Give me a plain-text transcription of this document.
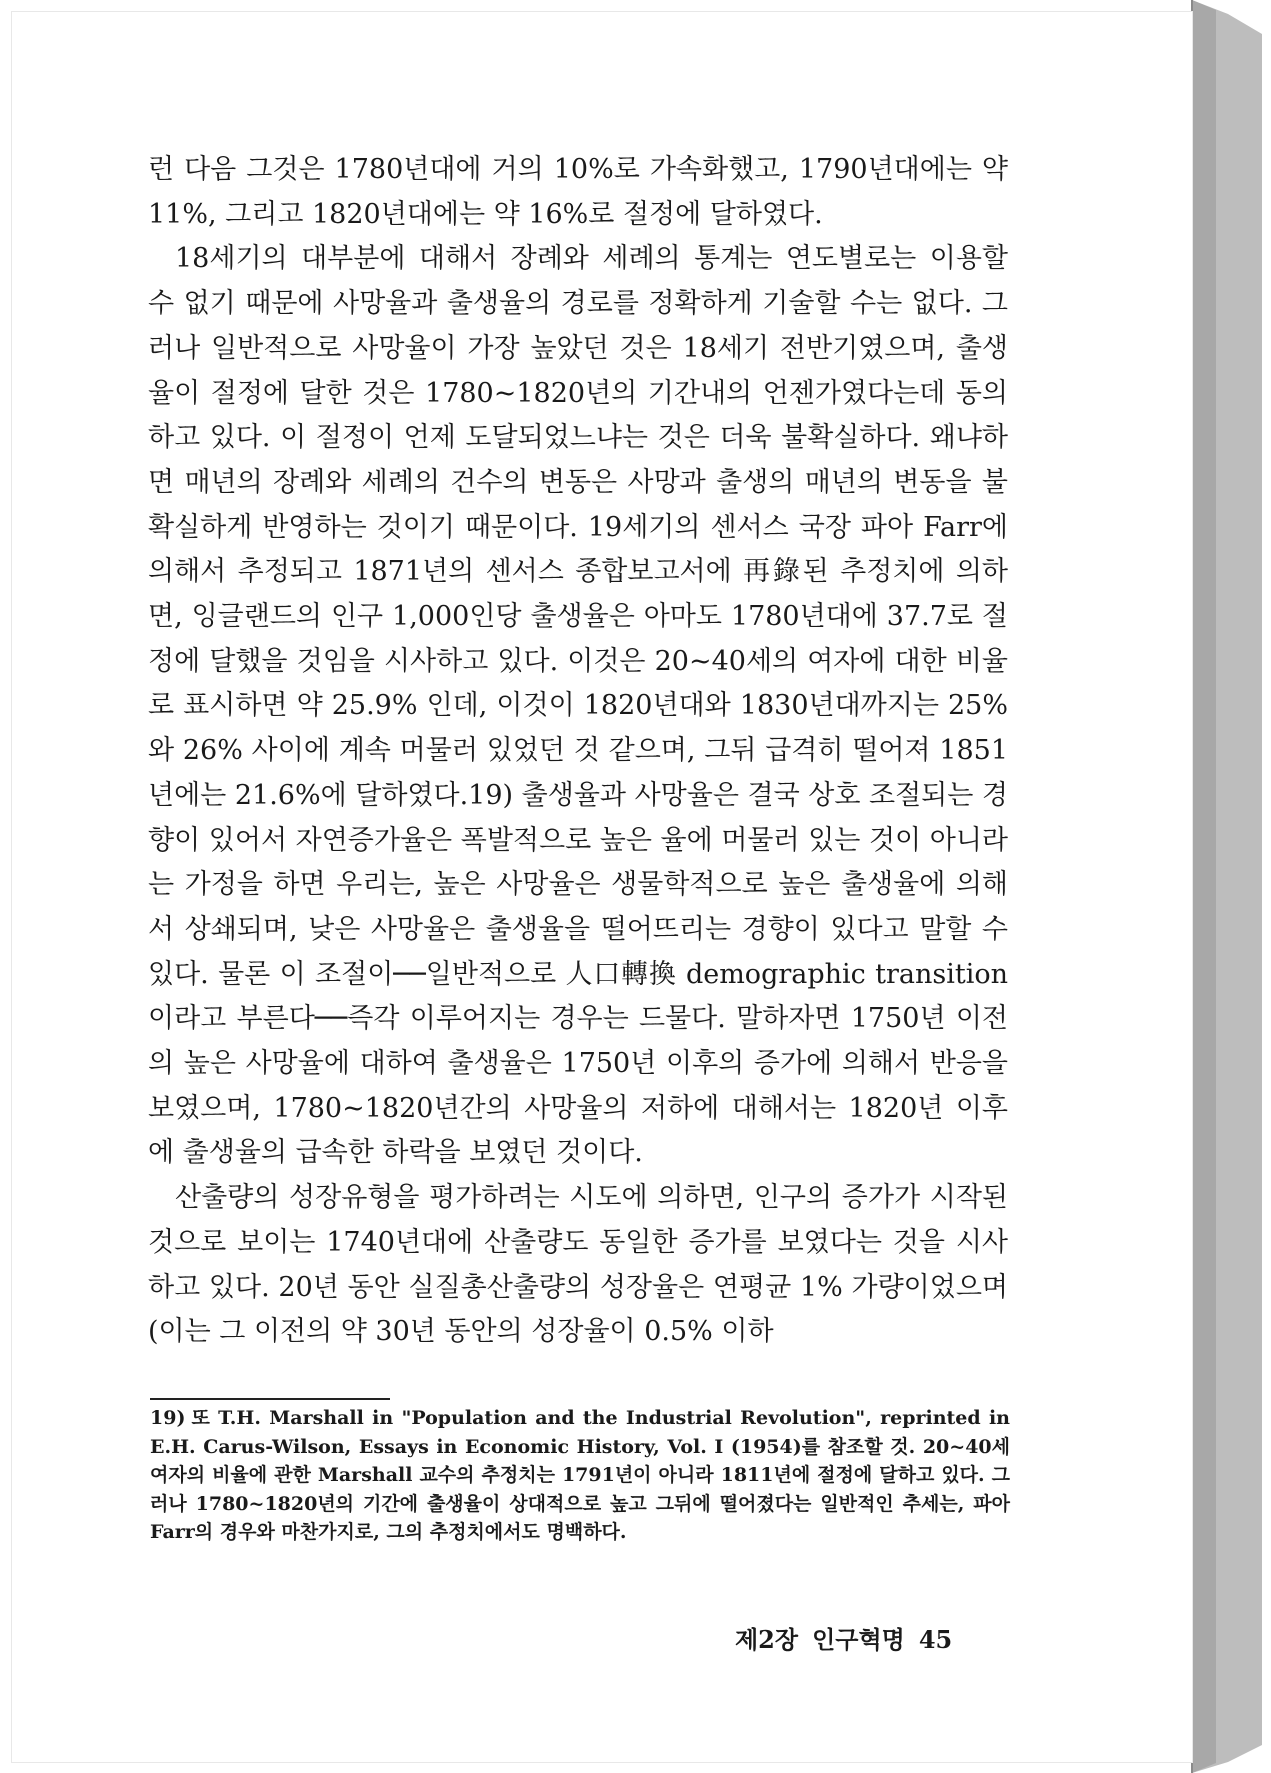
런 다음 그것은 1780년대에 거의 10%로 가속화했고, 1790년대에는 약 11%, 그리고 1820년대에는 약 16%로 절정에 달하였다.

18세기의 대부분에 대해서 장례와 세례의 통계는 연도별로는 이용할 수 없기 때문에 사망율과 출생율의 경로를 정확하게 기술할 수는 없다. 그러나 일반적으로 사망율이 가장 높았던 것은 18세기 전반기였으며, 출생율이 절정에 달한 것은 1780~1820년의 기간내의 언젠가였다는데 동의하고 있다. 이 절정이 언제 도달되었느냐는 것은 더욱 불확실하다. 왜냐하면 매년의 장례와 세례의 건수의 변동은 사망과 출생의 매년의 변동을 불확실하게 반영하는 것이기 때문이다. 19세기의 센서스 국장 파아 Farr에 의해서 추정되고 1871년의 센서스 종합보고서에 再錄된 추정치에 의하면, 잉글랜드의 인구 1,000인당 출생율은 아마도 1780년대에 37.7로 절정에 달했을 것임을 시사하고 있다. 이것은 20~40세의 여자에 대한 비율로 표시하면 약 25.9% 인데, 이것이 1820년대와 1830년대까지는 25%와 26% 사이에 계속 머물러 있었던 것 같으며, 그뒤 급격히 떨어져 1851년에는 21.6%에 달하였다.19) 출생율과 사망율은 결국 상호 조절되는 경향이 있어서 자연증가율은 폭발적으로 높은 율에 머물러 있는 것이 아니라는 가정을 하면 우리는, 높은 사망율은 생물학적으로 높은 출생율에 의해서 상쇄되며, 낮은 사망율은 출생율을 떨어뜨리는 경향이 있다고 말할 수 있다. 물론 이 조절이──일반적으로 人口轉換 demographic transition이라고 부른다──즉각 이루어지는 경우는 드물다. 말하자면 1750년 이전의 높은 사망율에 대하여 출생율은 1750년 이후의 증가에 의해서 반응을 보였으며, 1780~1820년간의 사망율의 저하에 대해서는 1820년 이후에 출생율의 급속한 하락을 보였던 것이다.

산출량의 성장유형을 평가하려는 시도에 의하면, 인구의 증가가 시작된 것으로 보이는 1740년대에 산출량도 동일한 증가를 보였다는 것을 시사하고 있다. 20년 동안 실질총산출량의 성장율은 연평균 1% 가량이었으며 (이는 그 이전의 약 30년 동안의 성장율이 0.5% 이하

19) 또 T.H. Marshall in "Population and the Industrial Revolution", reprinted in E.H. Carus-Wilson, Essays in Economic History, Vol. I (1954)를 참조할 것. 20~40세 여자의 비율에 관한 Marshall 교수의 추정치는 1791년이 아니라 1811년에 절정에 달하고 있다. 그러나 1780~1820년의 기간에 출생율이 상대적으로 높고 그뒤에 떨어졌다는 일반적인 추세는, 파아 Farr의 경우와 마찬가지로, 그의 추정치에서도 명백하다.
제2장 인구혁명 45
